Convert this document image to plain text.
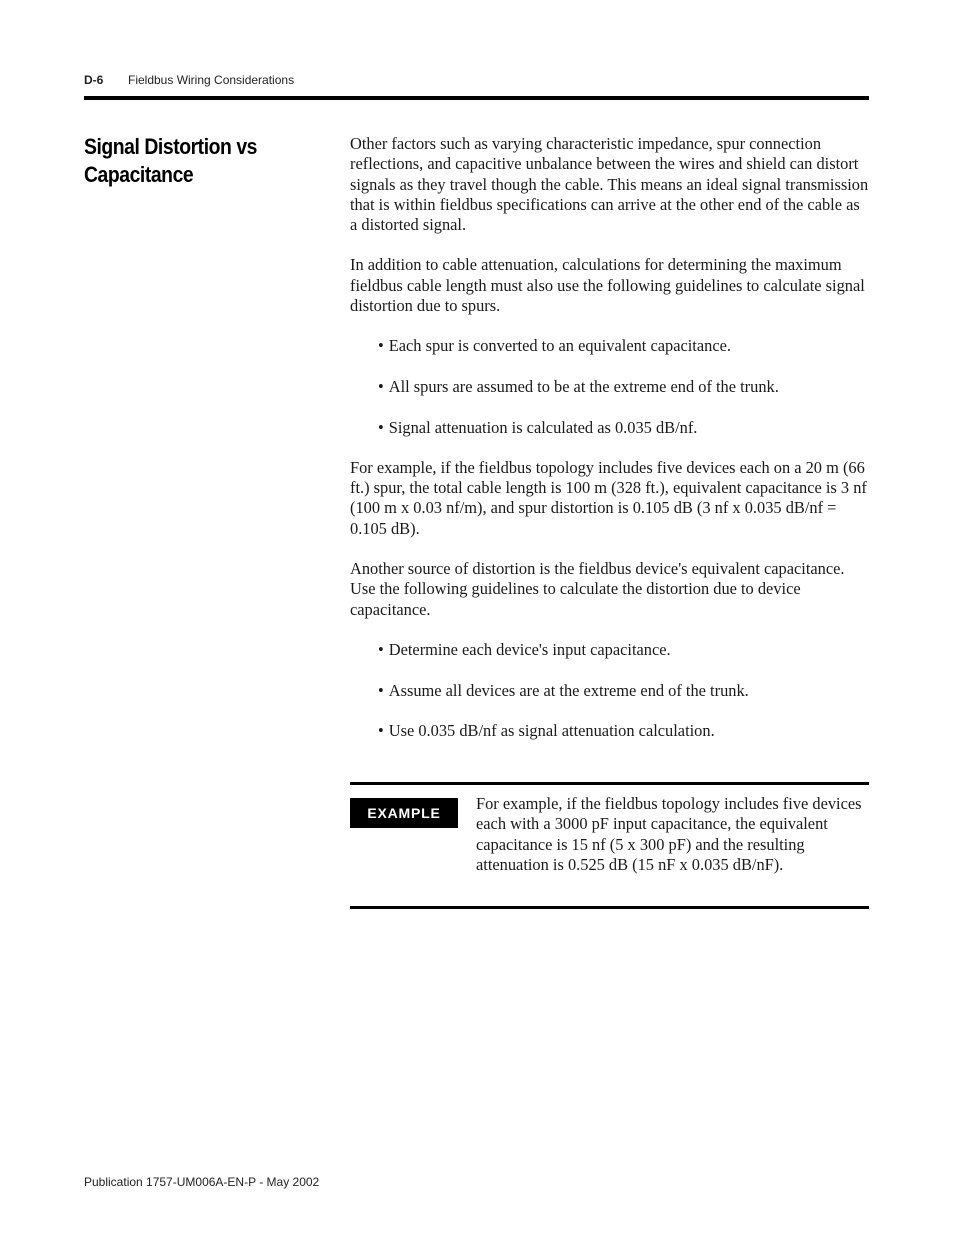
D-6 Fieldbus Wiring Considerations
Signal Distortion vs Capacitance

Other factors such as varying characteristic impedance, spur connection reflections, and capacitive unbalance between the wires and shield can distort signals as they travel though the cable. This means an ideal signal transmission that is within fieldbus specifications can arrive at the other end of the cable as a distorted signal.

In addition to cable attenuation, calculations for determining the maximum fieldbus cable length must also use the following guidelines to calculate signal distortion due to spurs.

• Each spur is converted to an equivalent capacitance.
• All spurs are assumed to be at the extreme end of the trunk.
• Signal attenuation is calculated as 0.035 dB/nf.

For example, if the fieldbus topology includes five devices each on a 20 m (66 ft.) spur, the total cable length is 100 m (328 ft.), equivalent capacitance is 3 nf (100 m x 0.03 nf/m), and spur distortion is 0.105 dB (3 nf x 0.035 dB/nf = 0.105 dB).

Another source of distortion is the fieldbus device's equivalent capacitance. Use the following guidelines to calculate the distortion due to device capacitance.

• Determine each device's input capacitance.
• Assume all devices are at the extreme end of the trunk.
• Use 0.035 dB/nf as signal attenuation calculation.
EXAMPLE	For example, if the fieldbus topology includes five devices each with a 3000 pF input capacitance, the equivalent capacitance is 15 nf (5 x 300 pF) and the resulting attenuation is 0.525 dB (15 nF x 0.035 dB/nF).
Publication 1757-UM006A-EN-P - May 2002
